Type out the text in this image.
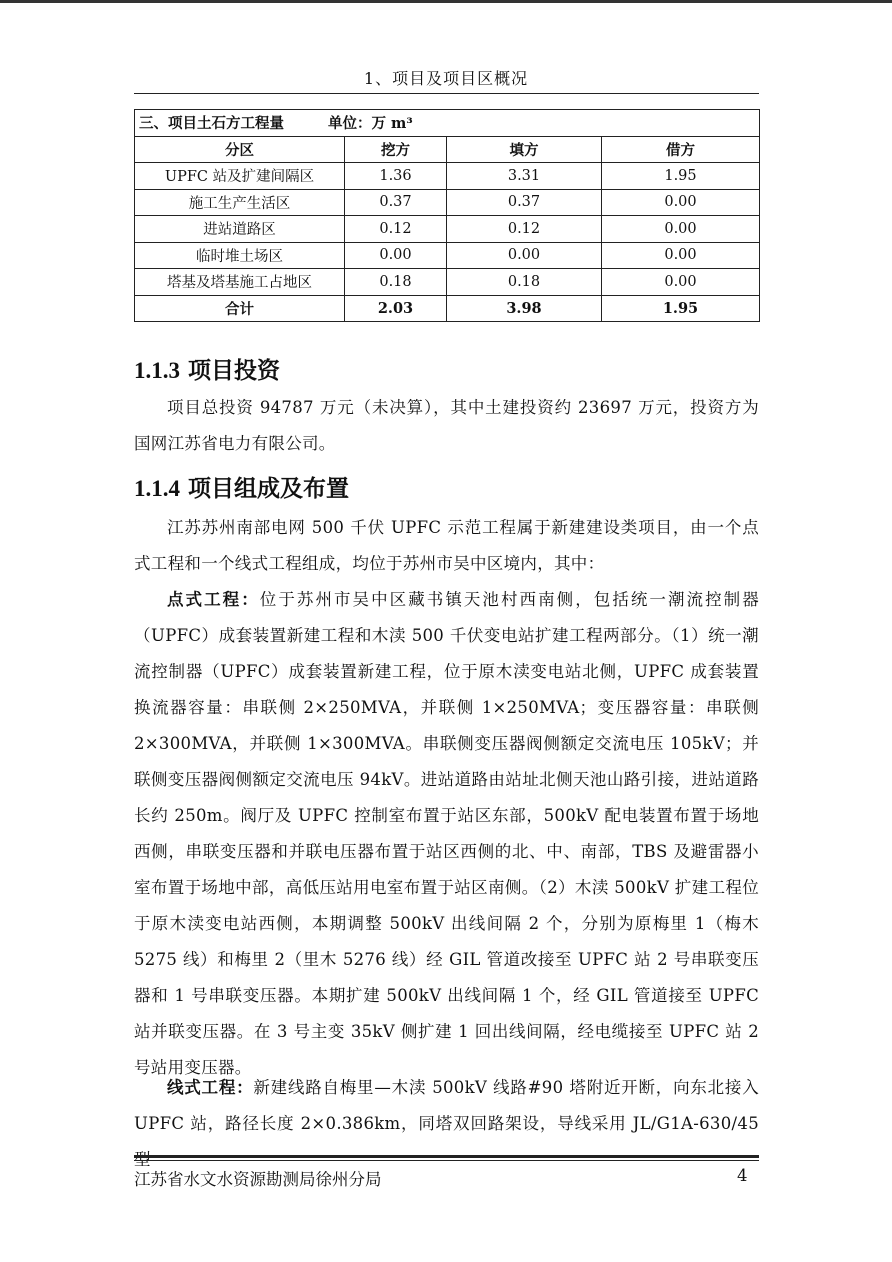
1、项目及项目区概况
三、项目土石方工程量 单位：万 m³			
分区	挖方	填方	借方
UPFC 站及扩建间隔区	1.36	3.31	1.95
施工生产生活区	0.37	0.37	0.00
进站道路区	0.12	0.12	0.00
临时堆土场区	0.00	0.00	0.00
塔基及塔基施工占地区	0.18	0.18	0.00
合计	2.03	3.98	1.95
1.1.3 项目投资

项目总投资 94787 万元（未决算），其中土建投资约 23697 万元，投资方为国网江苏省电力有限公司。

1.1.4 项目组成及布置

江苏苏州南部电网 500 千伏 UPFC 示范工程属于新建建设类项目，由一个点式工程和一个线式工程组成，均位于苏州市吴中区境内，其中：

点式工程：位于苏州市吴中区藏书镇天池村西南侧，包括统一潮流控制器（UPFC）成套装置新建工程和木渎 500 千伏变电站扩建工程两部分。（1）统一潮流控制器（UPFC）成套装置新建工程，位于原木渎变电站北侧，UPFC 成套装置换流器容量：串联侧 2×250MVA，并联侧 1×250MVA；变压器容量：串联侧 2×300MVA，并联侧 1×300MVA。串联侧变压器阀侧额定交流电压 105kV；并联侧变压器阀侧额定交流电压 94kV。进站道路由站址北侧天池山路引接，进站道路长约 250m。阀厅及 UPFC 控制室布置于站区东部，500kV 配电装置布置于场地西侧，串联变压器和并联电压器布置于站区西侧的北、中、南部，TBS 及避雷器小室布置于场地中部，高低压站用电室布置于站区南侧。（2）木渎 500kV 扩建工程位于原木渎变电站西侧，本期调整 500kV 出线间隔 2 个，分别为原梅里 1（梅木 5275 线）和梅里 2（里木 5276 线）经 GIL 管道改接至 UPFC 站 2 号串联变压器和 1 号串联变压器。本期扩建 500kV 出线间隔 1 个，经 GIL 管道接至 UPFC 站并联变压器。在 3 号主变 35kV 侧扩建 1 回出线间隔，经电缆接至 UPFC 站 2 号站用变压器。

线式工程：新建线路自梅里—木渎 500kV 线路#90 塔附近开断，向东北接入 UPFC 站，路径长度 2×0.386km，同塔双回路架设，导线采用 JL/G1A-630/45 型

江苏省水文水资源勘测局徐州分局	4
